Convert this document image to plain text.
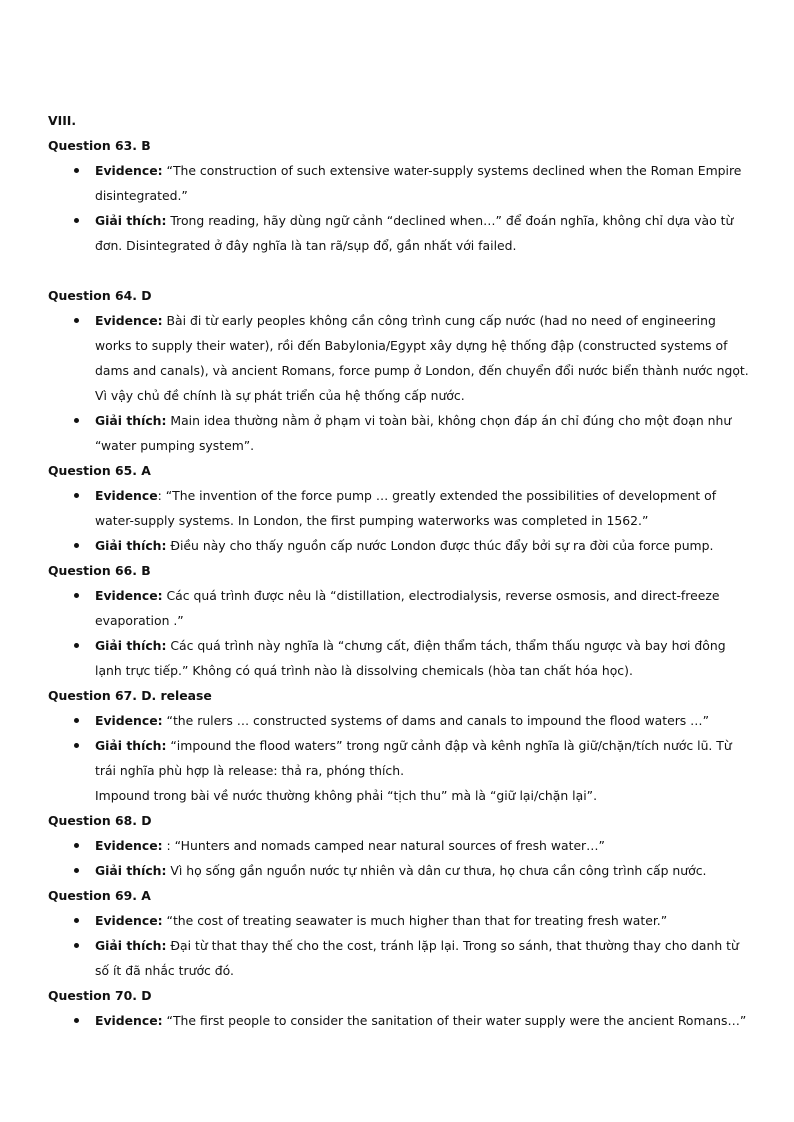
VIII.
Question 63. B
Evidence: “The construction of such extensive water-supply systems declined when the Roman Empire disintegrated.”
Giải thích: Trong reading, hãy dùng ngữ cảnh “declined when…” để đoán nghĩa, không chỉ dựa vào từ đơn. Disintegrated ở đây nghĩa là tan rã/sụp đổ, gần nhất với failed.
Question 64. D
Evidence: Bài đi từ early peoples không cần công trình cung cấp nước (had no need of engineering works to supply their water), rồi đến Babylonia/Egypt xây dựng hệ thống đập (constructed systems of dams and canals), và ancient Romans, force pump ở London, đến chuyển đổi nước biển thành nước ngọt. Vì vậy chủ đề chính là sự phát triển của hệ thống cấp nước.
Giải thích: Main idea thường nằm ở phạm vi toàn bài, không chọn đáp án chỉ đúng cho một đoạn như “water pumping system”.
Question 65. A
Evidence: “The invention of the force pump … greatly extended the possibilities of development of water-supply systems. In London, the first pumping waterworks was completed in 1562.”
Giải thích: Điều này cho thấy nguồn cấp nước London được thúc đẩy bởi sự ra đời của force pump.
Question 66. B
Evidence: Các quá trình được nêu là “distillation, electrodialysis, reverse osmosis, and direct-freeze evaporation .”
Giải thích: Các quá trình này nghĩa là “chưng cất, điện thẩm tách, thẩm thấu ngược và bay hơi đông lạnh trực tiếp.” Không có quá trình nào là dissolving chemicals (hòa tan chất hóa học).
Question 67. D. release
Evidence: “the rulers … constructed systems of dams and canals to impound the flood waters …”
Giải thích: “impound the flood waters” trong ngữ cảnh đập và kênh nghĩa là giữ/chặn/tích nước lũ. Từ trái nghĩa phù hợp là release: thả ra, phóng thích.
Impound trong bài về nước thường không phải “tịch thu” mà là “giữ lại/chặn lại”.
Question 68. D
Evidence: : “Hunters and nomads camped near natural sources of fresh water…”
Giải thích: Vì họ sống gần nguồn nước tự nhiên và dân cư thưa, họ chưa cần công trình cấp nước.
Question 69. A
Evidence: “the cost of treating seawater is much higher than that for treating fresh water.”
Giải thích: Đại từ that thay thế cho the cost, tránh lặp lại. Trong so sánh, that thường thay cho danh từ số ít đã nhắc trước đó.
Question 70. D
Evidence: “The first people to consider the sanitation of their water supply were the ancient Romans…”
